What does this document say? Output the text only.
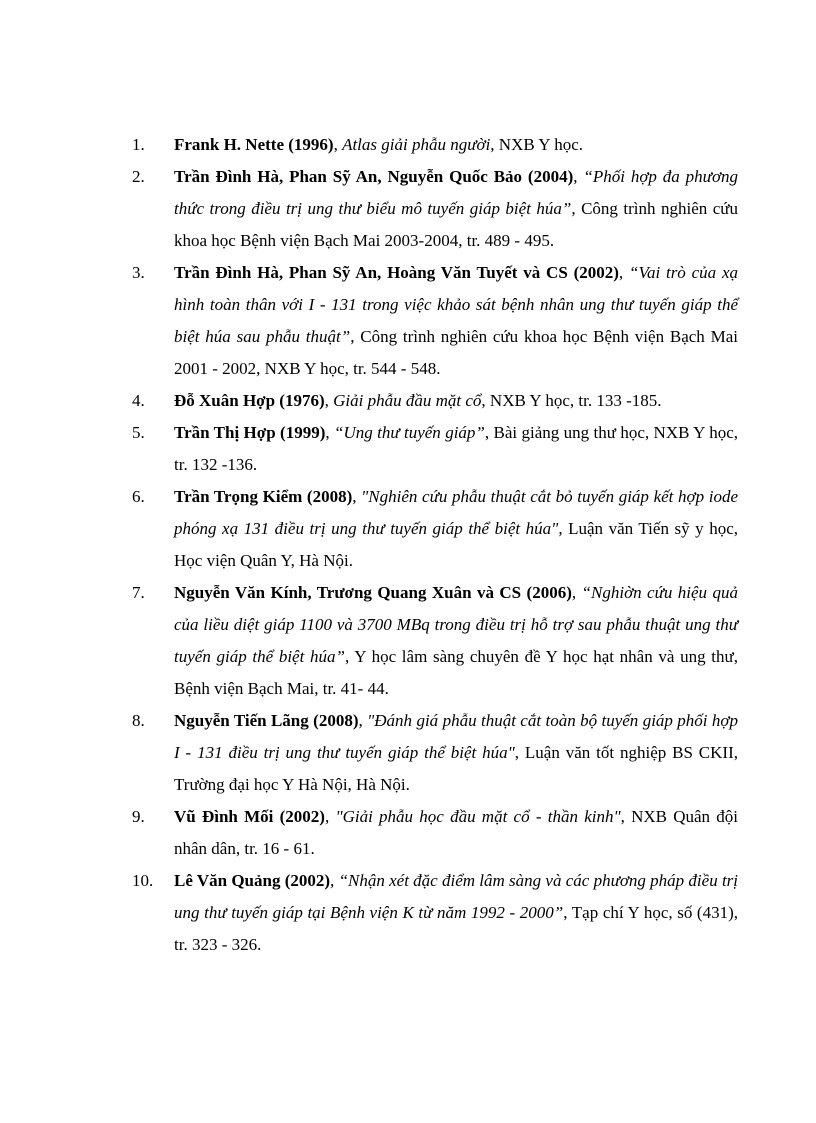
1.	Frank H. Nette (1996), Atlas giải phẫu người, NXB Y học.
2.	Trần Đình Hà, Phan Sỹ An, Nguyễn Quốc Bảo (2004), “Phối hợp đa phương thức trong điều trị ung thư biểu mô tuyến giáp biệt húa”, Công trình nghiên cứu khoa học Bệnh viện Bạch Mai 2003-2004, tr. 489 - 495.
3.	Trần Đình Hà, Phan Sỹ An, Hoàng Văn Tuyết và CS (2002), “Vai trò của xạ hình toàn thân với I - 131 trong việc khảo sát bệnh nhân ung thư tuyến giáp thể biệt húa sau phẫu thuật”, Công trình nghiên cứu khoa học Bệnh viện Bạch Mai 2001 - 2002, NXB Y học, tr. 544 - 548.
4.	Đỗ Xuân Hợp (1976), Giải phẫu đầu mặt cổ, NXB Y học, tr. 133 -185.
5.	Trần Thị Hợp (1999), “Ung thư tuyến giáp”, Bài giảng ung thư học, NXB Y học, tr. 132 -136.
6.	Trần Trọng Kiểm (2008), "Nghiên cứu phẫu thuật cắt bỏ tuyến giáp kết hợp iode phóng xạ 131 điều trị ung thư tuyến giáp thể biệt húa", Luận văn Tiến sỹ y học, Học viện Quân Y, Hà Nội.
7.	Nguyễn Văn Kính, Trương Quang Xuân và CS (2006), “Nghiờn cứu hiệu quả của liều diệt giáp 1100 và 3700 MBq trong điều trị hỗ trợ sau phẫu thuật ung thư tuyến giáp thể biệt húa”, Y học lâm sàng chuyên đề Y học hạt nhân và ung thư, Bệnh viện Bạch Mai, tr. 41- 44.
8.	Nguyễn Tiến Lãng (2008), "Đánh giá phẫu thuật cắt toàn bộ tuyến giáp phối hợp I - 131 điều trị ung thư tuyến giáp thể biệt húa", Luận văn tốt nghiệp BS CKII, Trường đại học Y Hà Nội, Hà Nội.
9.	Vũ Đình Mối (2002), "Giải phẫu học đầu mặt cổ - thần kinh", NXB Quân đội nhân dân, tr. 16 - 61.
10.	Lê Văn Quảng (2002), “Nhận xét đặc điểm lâm sàng và các phương pháp điều trị ung thư tuyến giáp tại Bệnh viện K từ năm 1992 - 2000”, Tạp chí Y học, số (431), tr. 323 - 326.
